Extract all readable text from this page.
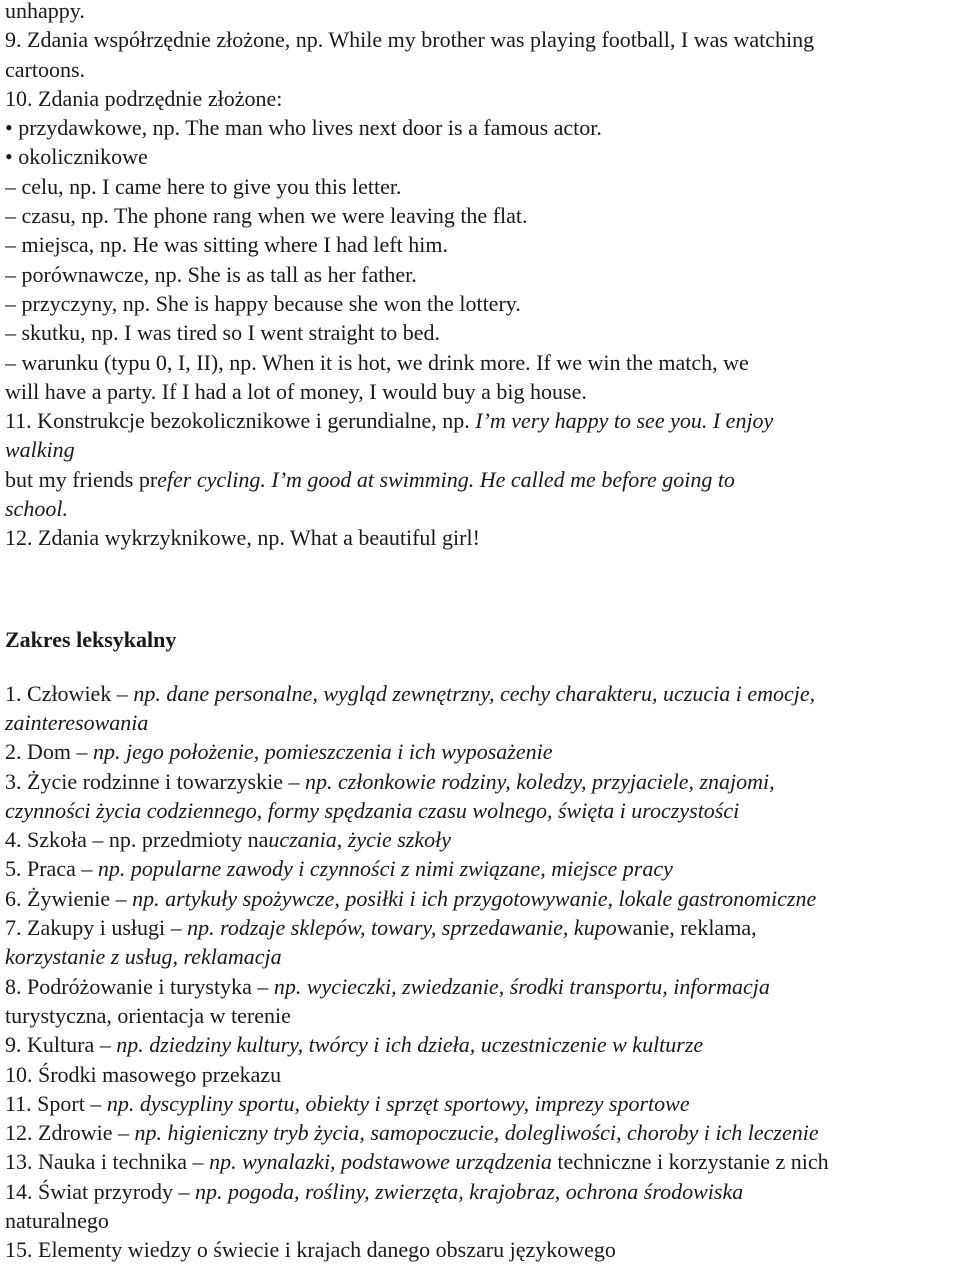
unhappy.
9. Zdania współrzędnie złożone, np. While my brother was playing football, I was watching
cartoons.
10. Zdania podrzędnie złożone:
• przydawkowe, np. The man who lives next door is a famous actor.
• okolicznikowe
– celu, np. I came here to give you this letter.
– czasu, np. The phone rang when we were leaving the flat.
– miejsca, np. He was sitting where I had left him.
– porównawcze, np. She is as tall as her father.
– przyczyny, np. She is happy because she won the lottery.
– skutku, np. I was tired so I went straight to bed.
– warunku (typu 0, I, II), np. When it is hot, we drink more. If we win the match, we
will have a party. If I had a lot of money, I would buy a big house.
11. Konstrukcje bezokolicznikowe i gerundialne, np. I’m very happy to see you. I enjoy
walking
but my friends prefer cycling. I’m good at swimming. He called me before going to
school.
12. Zdania wykrzyknikowe, np. What a beautiful girl!
Zakres leksykalny
1. Człowiek – np. dane personalne, wygląd zewnętrzny, cechy charakteru, uczucia i emocje,
zainteresowania
2. Dom – np. jego położenie, pomieszczenia i ich wyposażenie
3. Życie rodzinne i towarzyskie – np. członkowie rodziny, koledzy, przyjaciele, znajomi,
czynności życia codziennego, formy spędzania czasu wolnego, święta i uroczystości
4. Szkoła – np. przedmioty nauczania, życie szkoły
5. Praca – np. popularne zawody i czynności z nimi związane, miejsce pracy
6. Żywienie – np. artykuły spożywcze, posiłki i ich przygotowywanie, lokale gastronomiczne
7. Zakupy i usługi – np. rodzaje sklepów, towary, sprzedawanie, kupowanie, reklama,
korzystanie z usług, reklamacja
8. Podróżowanie i turystyka – np. wycieczki, zwiedzanie, środki transportu, informacja
turystyczna, orientacja w terenie
9. Kultura – np. dziedziny kultury, twórcy i ich dzieła, uczestniczenie w kulturze
10. Środki masowego przekazu
11. Sport – np. dyscypliny sportu, obiekty i sprzęt sportowy, imprezy sportowe
12. Zdrowie – np. higieniczny tryb życia, samopoczucie, dolegliwości, choroby i ich leczenie
13. Nauka i technika – np. wynalazki, podstawowe urządzenia techniczne i korzystanie z nich
14. Świat przyrody – np. pogoda, rośliny, zwierzęta, krajobraz, ochrona środowiska
naturalnego
15. Elementy wiedzy o świecie i krajach danego obszaru językowego
